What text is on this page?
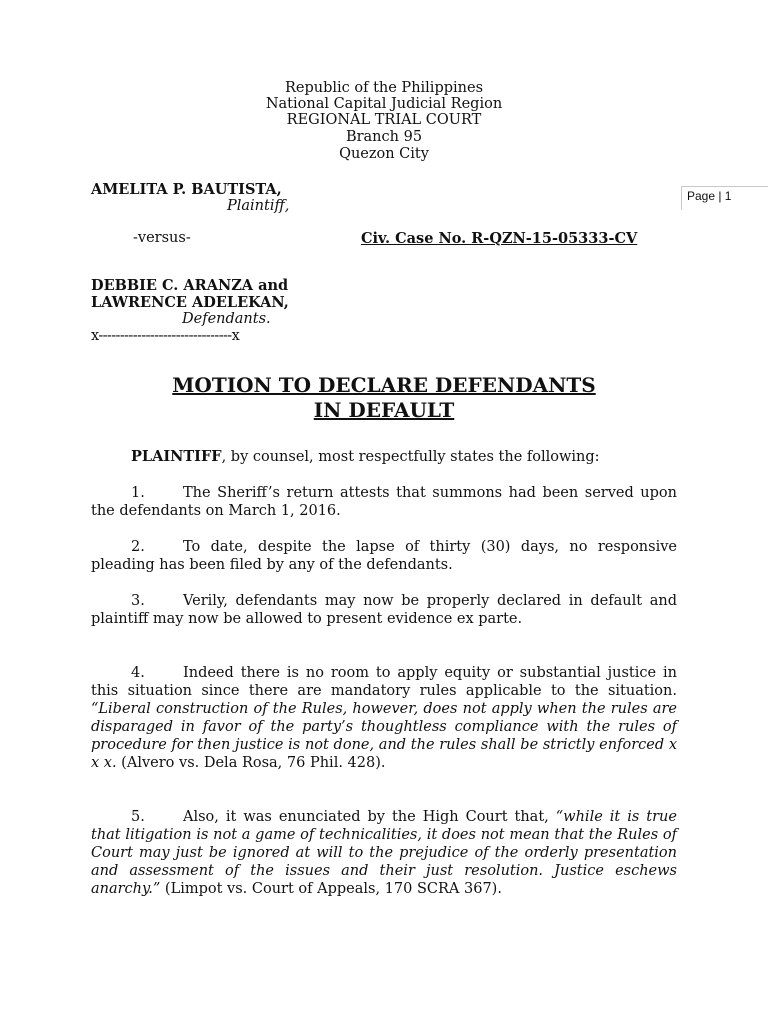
Republic of the Philippines
National Capital Judicial Region
REGIONAL TRIAL COURT
Branch 95
Quezon City
Page | 1
AMELITA P. BAUTISTA,
Plaintiff,
-versus-	Civ. Case No. R-QZN-15-05333-CV
DEBBIE C. ARANZA and
LAWRENCE ADELEKAN,
Defendants.
x-------------------------------x
MOTION TO DECLARE DEFENDANTS
IN DEFAULT
PLAINTIFF, by counsel, most respectfully states the following:
1.	The Sheriff’s return attests that summons had been served upon the defendants on March 1, 2016.
2.	To date, despite the lapse of thirty (30) days, no responsive pleading has been filed by any of the defendants.
3.	Verily, defendants may now be properly declared in default and plaintiff may now be allowed to present evidence ex parte.
4.	Indeed there is no room to apply equity or substantial justice in this situation since there are mandatory rules applicable to the situation. “Liberal construction of the Rules, however, does not apply when the rules are disparaged in favor of the party’s thoughtless compliance with the rules of procedure for then justice is not done, and the rules shall be strictly enforced x x x. (Alvero vs. Dela Rosa, 76 Phil. 428).
5.	Also, it was enunciated by the High Court that, “while it is true that litigation is not a game of technicalities, it does not mean that the Rules of Court may just be ignored at will to the prejudice of the orderly presentation and assessment of the issues and their just resolution. Justice eschews anarchy.” (Limpot vs. Court of Appeals, 170 SCRA 367).
